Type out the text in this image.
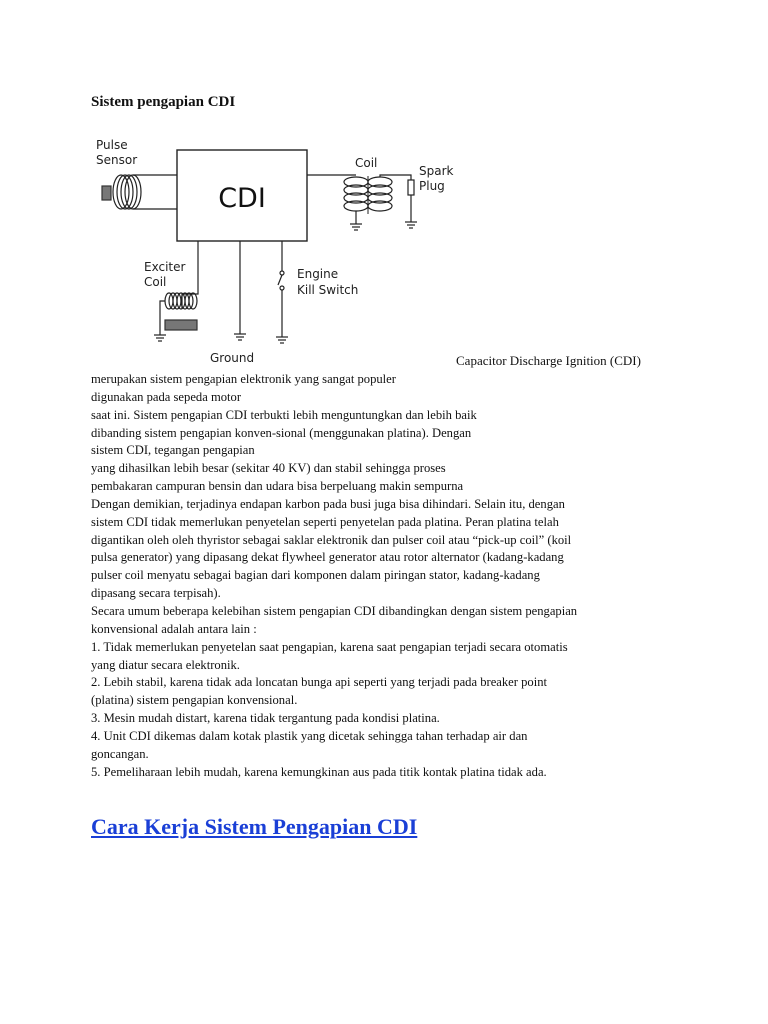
Sistem pengapian CDI
CDI
Pulse
Sensor	Coil
Spark
Plug
Exciter
Coil
Engine
Kill Switch
Ground	Capacitor Discharge Ignition (CDI)
merupakan sistem pengapian elektronik yang sangat populer
digunakan pada sepeda motor
saat ini. Sistem pengapian CDI terbukti lebih menguntungkan dan lebih baik
dibanding sistem pengapian konven-sional (menggunakan platina). Dengan
sistem CDI, tegangan pengapian
yang dihasilkan lebih besar (sekitar 40 KV) dan stabil sehingga proses
pembakaran campuran bensin dan udara bisa berpeluang makin sempurna
Dengan demikian, terjadinya endapan karbon pada busi juga bisa dihindari. Selain itu, dengan
sistem CDI tidak memerlukan penyetelan seperti penyetelan pada platina. Peran platina telah
digantikan oleh oleh thyristor sebagai saklar elektronik dan pulser coil atau “pick-up coil” (koil
pulsa generator) yang dipasang dekat flywheel generator atau rotor alternator (kadang-kadang
pulser coil menyatu sebagai bagian dari komponen dalam piringan stator, kadang-kadang
dipasang secara terpisah).
Secara umum beberapa kelebihan sistem pengapian CDI dibandingkan dengan sistem pengapian
konvensional adalah antara lain :
1. Tidak memerlukan penyetelan saat pengapian, karena saat pengapian terjadi secara otomatis
yang diatur secara elektronik.
2. Lebih stabil, karena tidak ada loncatan bunga api seperti yang terjadi pada breaker point
(platina) sistem pengapian konvensional.
3. Mesin mudah distart, karena tidak tergantung pada kondisi platina.
4. Unit CDI dikemas dalam kotak plastik yang dicetak sehingga tahan terhadap air dan
goncangan.
5. Pemeliharaan lebih mudah, karena kemungkinan aus pada titik kontak platina tidak ada.
Cara Kerja Sistem Pengapian CDI
